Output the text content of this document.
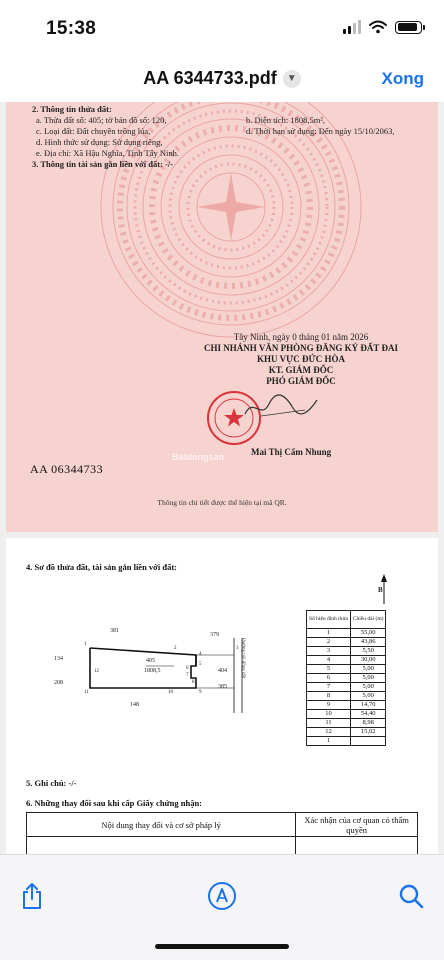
15:38
AA 6344733.pdf	▼	Xong
2. Thông tin thửa đất:
a. Thửa đất số: 405; tờ bản đồ số: 120,	b. Diện tích: 1808,5m²,
c. Loại đất: Đất chuyên trồng lúa,	d. Thời hạn sử dụng: Đến ngày 15/10/2063,
d. Hình thức sử dụng: Sử dụng riêng,
e. Địa chỉ: Xã Hậu Nghĩa, Tỉnh Tây Ninh.
3. Thông tin tài sản gắn liền với đất: -/-
Tây Ninh, ngày 0 tháng 01 năm 2026
CHI NHÁNH VĂN PHÒNG ĐĂNG KÝ ĐẤT ĐAI
KHU VỰC ĐỨC HÒA
KT. GIÁM ĐỐC
PHÓ GIÁM ĐỐC
Mai Thị Cẩm Nhung
AA 06344733
Batdongsan
Thông tin chi tiết được thể hiện tại mã QR.
4. Sơ đồ thửa đất, tài sản gắn liền với đất:
B
405
1808,5
381
379
134
404
208
385
148
Đường nội đồng đất
1
2	3
4
5
6
7
8
9
10
11
12
Số hiệu đỉnh thửa	Chiều dài (m)
1	55,00
2	43,86
3	5,50
4	30,00
5	5,00
6	5,00
7	5,00
8	5,00
9	14,70
10	54,40
11	8,98
12	15,02
1	
5. Ghi chú: -/-
6. Những thay đổi sau khi cấp Giấy chứng nhận:
Nội dung thay đổi và cơ sở pháp lý	Xác nhận của cơ quan có thẩm quyền
